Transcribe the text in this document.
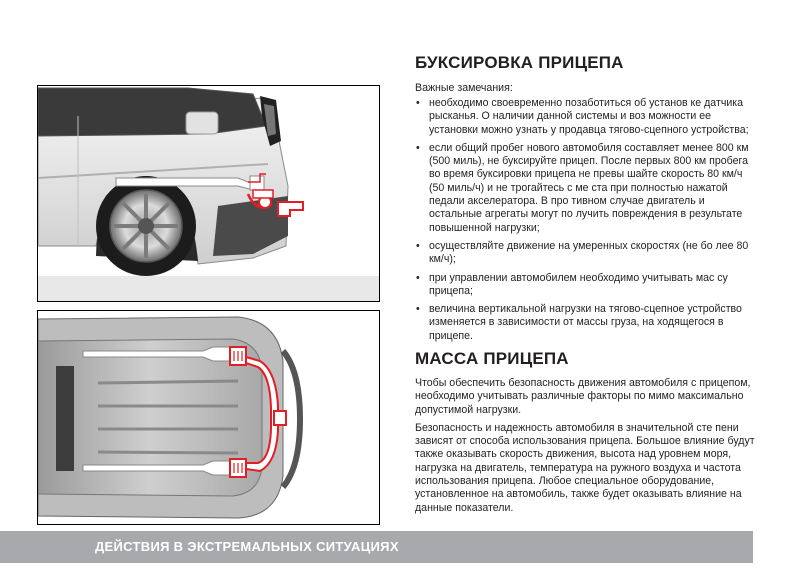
БУКСИРОВКА ПРИЦЕПА
Важные замечания:
• необходимо своевременно позаботиться об установ ке датчика рысканья. О наличии данной системы и воз можности ее установки можно узнать у продавца тягово-сцепного устройства;
• если общий пробег нового автомобиля составляет менее 800 км (500 миль), не буксируйте прицеп. После первых 800 км пробега во время буксировки прицепа не превы шайте скорость 80 км/ч (50 миль/ч) и не трогайтесь с ме ста при полностью нажатой педали акселератора. В про тивном случае двигатель и остальные агрегаты могут по лучить повреждения в результате повышенной нагрузки;
• осуществляйте движение на умеренных скоростях (не бо лее 80 км/ч);
• при управлении автомобилем необходимо учитывать мас су прицепа;
• величина вертикальной нагрузки на тягово-сцепное устройство изменяется в зависимости от массы груза, на ходящегося в прицепе.
МАССА ПРИЦЕПА

Чтобы обеспечить безопасность движения автомобиля с прицепом, необходимо учитывать различные факторы по мимо максимально допустимой нагрузки.

Безопасность и надежность автомобиля в значительной сте пени зависят от способа использования прицепа. Большое влияние будут также оказывать скорость движения, высота над уровнем моря, нагрузка на двигатель, температура на ружного воздуха и частота использования прицепа. Любое специальное оборудование, установленное на автомобиль, также будет оказывать влияние на данные показатели.

ДЕЙСТВИЯ В ЭКСТРЕМАЛЬНЫХ СИТУАЦИЯХ
